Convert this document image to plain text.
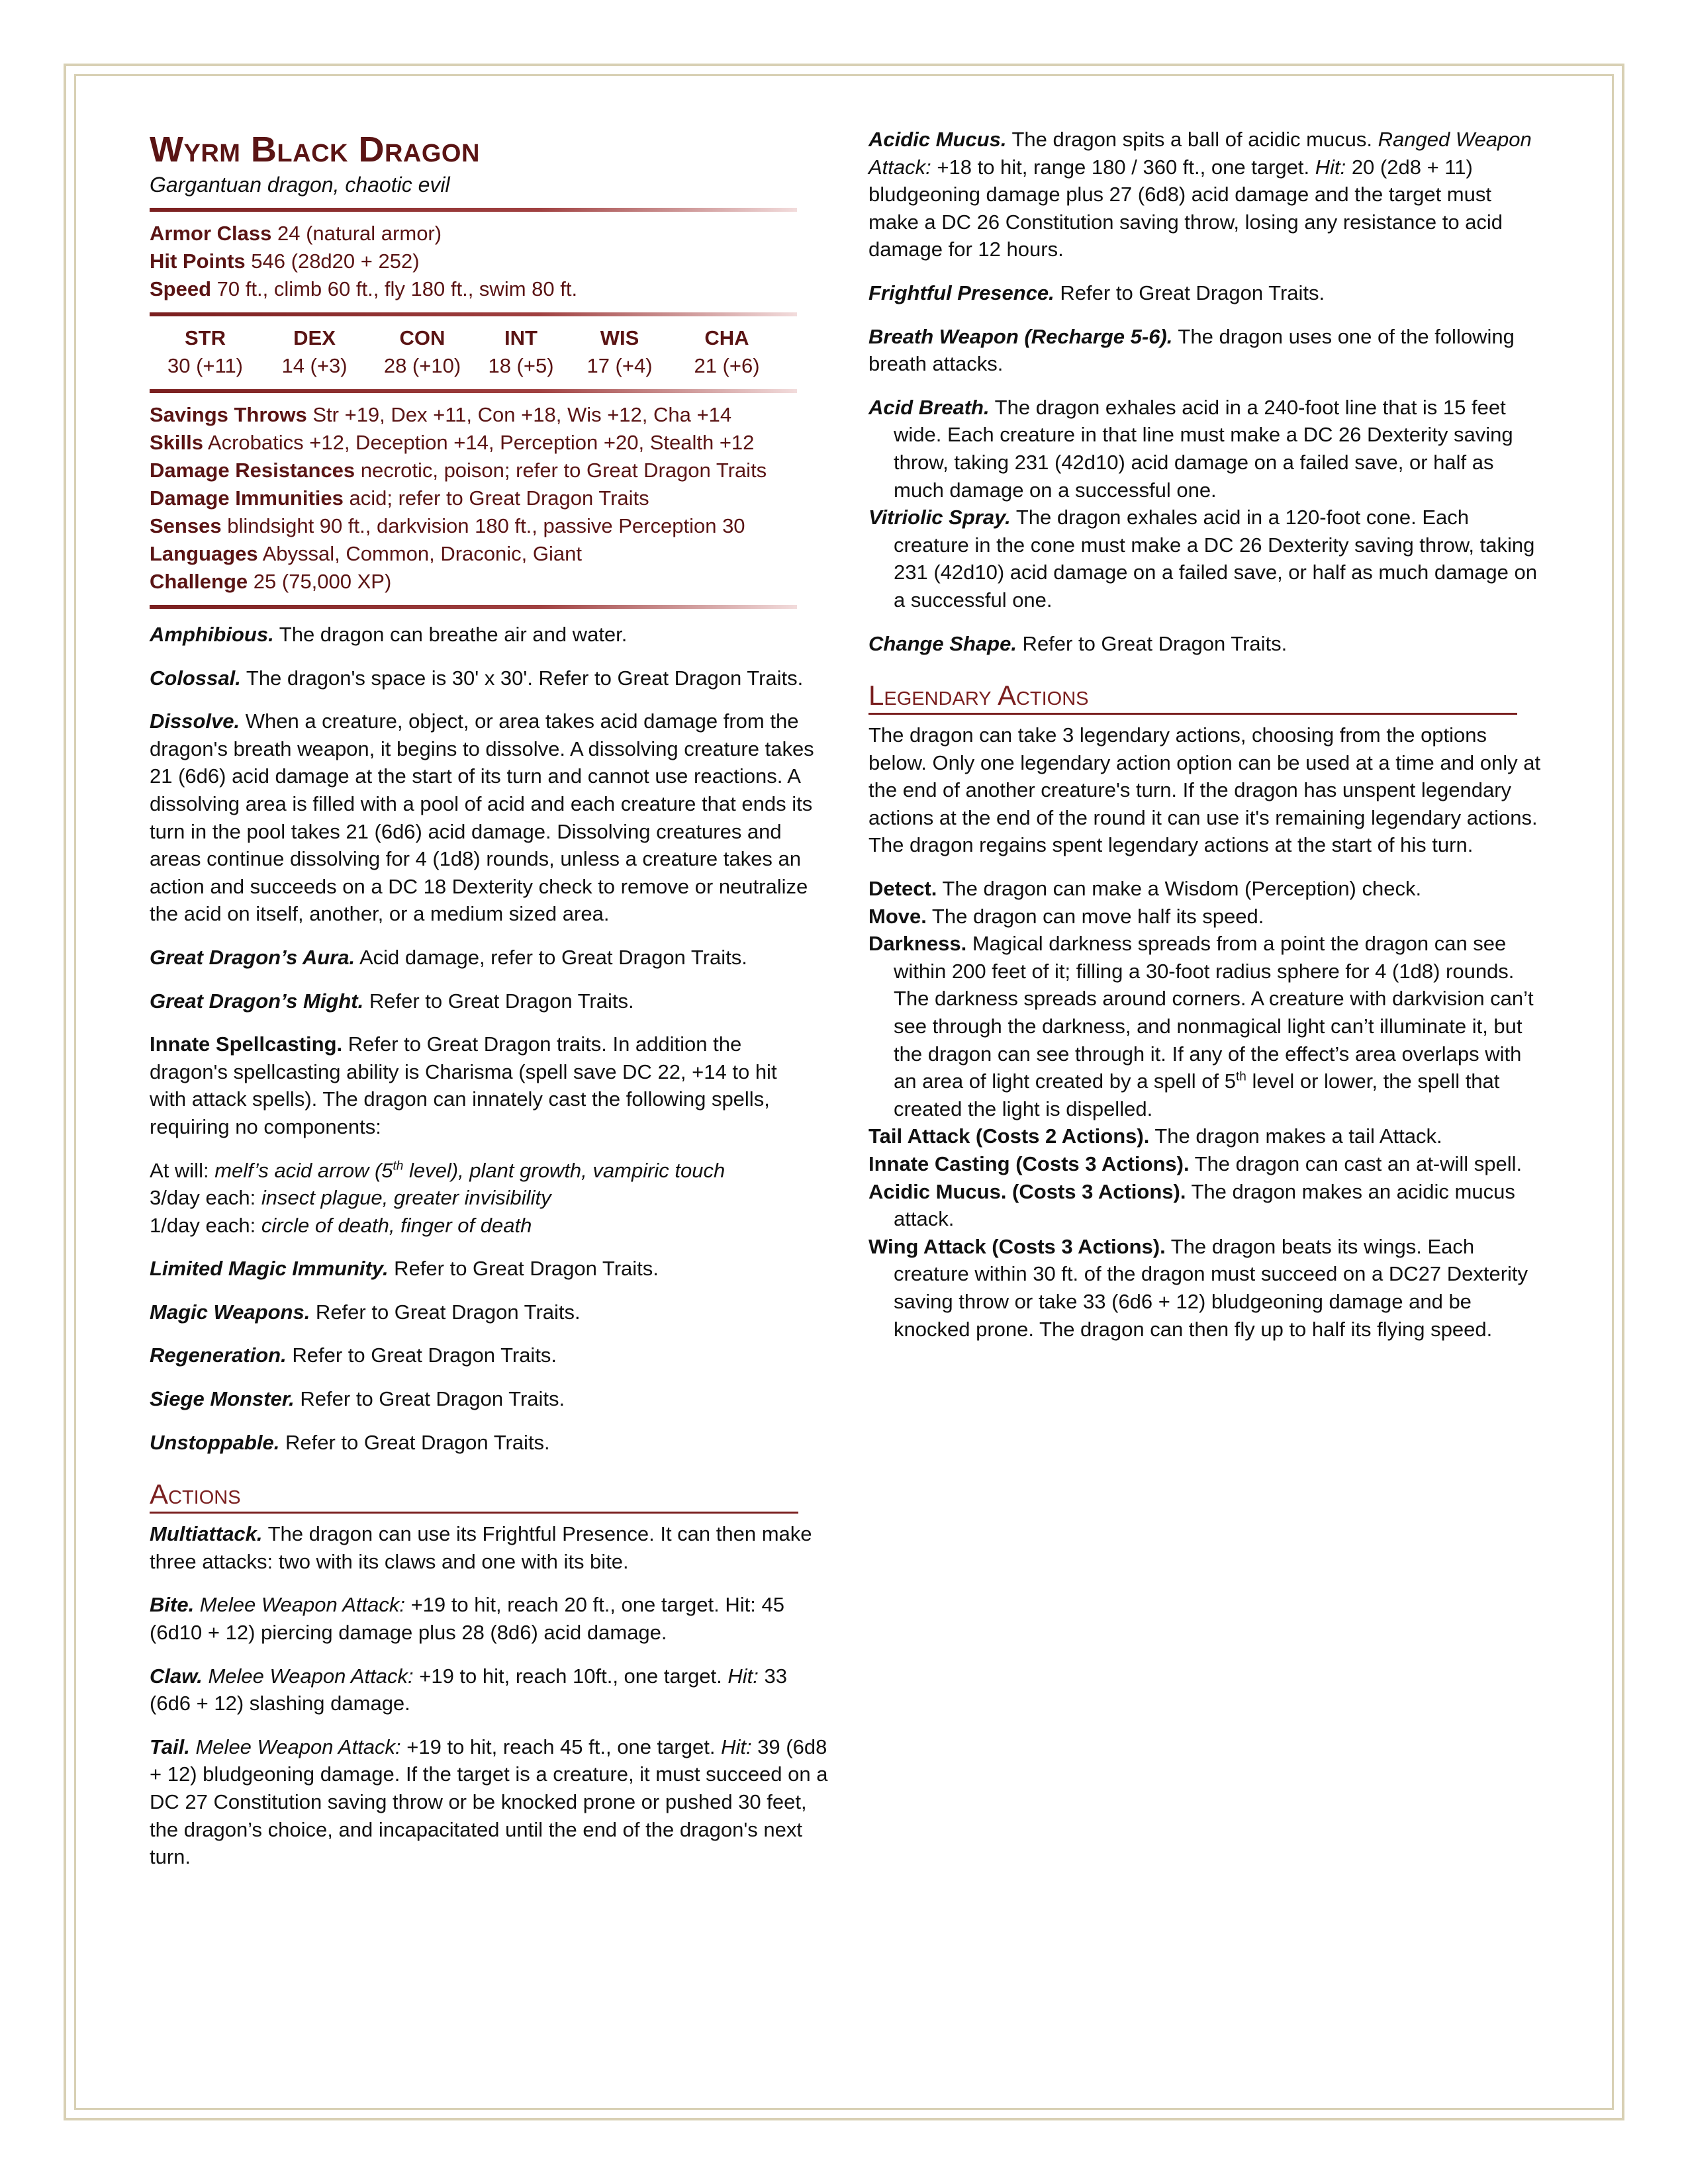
Wyrm Black Dragon

Gargantuan dragon, chaotic evil

Armor Class 24 (natural armor)
Hit Points 546 (28d20 + 252)
Speed 70 ft., climb 60 ft., fly 180 ft., swim 80 ft.
STR	DEX	CON	INT	WIS	CHA
30 (+11)	14 (+3)	28 (+10)	18 (+5)	17 (+4)	21 (+6)
Savings Throws Str +19, Dex +11, Con +18, Wis +12, Cha +14
Skills Acrobatics +12, Deception +14, Perception +20, Stealth +12
Damage Resistances necrotic, poison; refer to Great Dragon Traits
Damage Immunities acid; refer to Great Dragon Traits
Senses blindsight 90 ft., darkvision 180 ft., passive Perception 30
Languages Abyssal, Common, Draconic, Giant
Challenge 25 (75,000 XP)

Amphibious. The dragon can breathe air and water.

Colossal. The dragon's space is 30' x 30'. Refer to Great Dragon Traits.

Dissolve. When a creature, object, or area takes acid damage from the dragon's breath weapon, it begins to dissolve. A dissolving creature takes 21 (6d6) acid damage at the start of its turn and cannot use reactions. A dissolving area is filled with a pool of acid and each creature that ends its turn in the pool takes 21 (6d6) acid damage. Dissolving creatures and areas continue dissolving for 4 (1d8) rounds, unless a creature takes an action and succeeds on a DC 18 Dexterity check to remove or neutralize the acid on itself, another, or a medium sized area.

Great Dragon’s Aura. Acid damage, refer to Great Dragon Traits.

Great Dragon’s Might. Refer to Great Dragon Traits.

Innate Spellcasting. Refer to Great Dragon traits. In addition the dragon's spellcasting ability is Charisma (spell save DC 22, +14 to hit with attack spells). The dragon can innately cast the following spells, requiring no components:

At will: melf’s acid arrow (5th level), plant growth, vampiric touch
3/day each: insect plague, greater invisibility
1/day each: circle of death, finger of death

Limited Magic Immunity. Refer to Great Dragon Traits.

Magic Weapons. Refer to Great Dragon Traits.

Regeneration. Refer to Great Dragon Traits.

Siege Monster. Refer to Great Dragon Traits.

Unstoppable. Refer to Great Dragon Traits.

Actions

Multiattack. The dragon can use its Frightful Presence. It can then make three attacks: two with its claws and one with its bite.

Bite. Melee Weapon Attack: +19 to hit, reach 20 ft., one target. Hit: 45 (6d10 + 12) piercing damage plus 28 (8d6) acid damage.

Claw. Melee Weapon Attack: +19 to hit, reach 10ft., one target. Hit: 33 (6d6 + 12) slashing damage.

Tail. Melee Weapon Attack: +19 to hit, reach 45 ft., one target. Hit: 39 (6d8 + 12) bludgeoning damage. If the target is a creature, it must succeed on a DC 27 Constitution saving throw or be knocked prone or pushed 30 feet, the dragon’s choice, and incapacitated until the end of the dragon's next turn.

Acidic Mucus. The dragon spits a ball of acidic mucus. Ranged Weapon Attack: +18 to hit, range 180 / 360 ft., one target. Hit: 20 (2d8 + 11) bludgeoning damage plus 27 (6d8) acid damage and the target must make a DC 26 Constitution saving throw, losing any resistance to acid damage for 12 hours.

Frightful Presence. Refer to Great Dragon Traits.

Breath Weapon (Recharge 5-6). The dragon uses one of the following breath attacks.

Acid Breath. The dragon exhales acid in a 240-foot line that is 15 feet wide. Each creature in that line must make a DC 26 Dexterity saving throw, taking 231 (42d10) acid damage on a failed save, or half as much damage on a successful one.

Vitriolic Spray. The dragon exhales acid in a 120-foot cone. Each creature in the cone must make a DC 26 Dexterity saving throw, taking 231 (42d10) acid damage on a failed save, or half as much damage on a successful one.

Change Shape. Refer to Great Dragon Traits.

Legendary Actions

The dragon can take 3 legendary actions, choosing from the options below. Only one legendary action option can be used at a time and only at the end of another creature's turn. If the dragon has unspent legendary actions at the end of the round it can use it's remaining legendary actions. The dragon regains spent legendary actions at the start of his turn.

Detect. The dragon can make a Wisdom (Perception) check.

Move. The dragon can move half its speed.

Darkness. Magical darkness spreads from a point the dragon can see within 200 feet of it; filling a 30-foot radius sphere for 4 (1d8) rounds. The darkness spreads around corners. A creature with darkvision can’t see through the darkness, and nonmagical light can’t illuminate it, but the dragon can see through it. If any of the effect’s area overlaps with an area of light created by a spell of 5th level or lower, the spell that created the light is dispelled.

Tail Attack (Costs 2 Actions). The dragon makes a tail Attack.

Innate Casting (Costs 3 Actions). The dragon can cast an at-will spell.

Acidic Mucus. (Costs 3 Actions). The dragon makes an acidic mucus attack.

Wing Attack (Costs 3 Actions). The dragon beats its wings. Each creature within 30 ft. of the dragon must succeed on a DC27 Dexterity saving throw or take 33 (6d6 + 12) bludgeoning damage and be knocked prone. The dragon can then fly up to half its flying speed.
